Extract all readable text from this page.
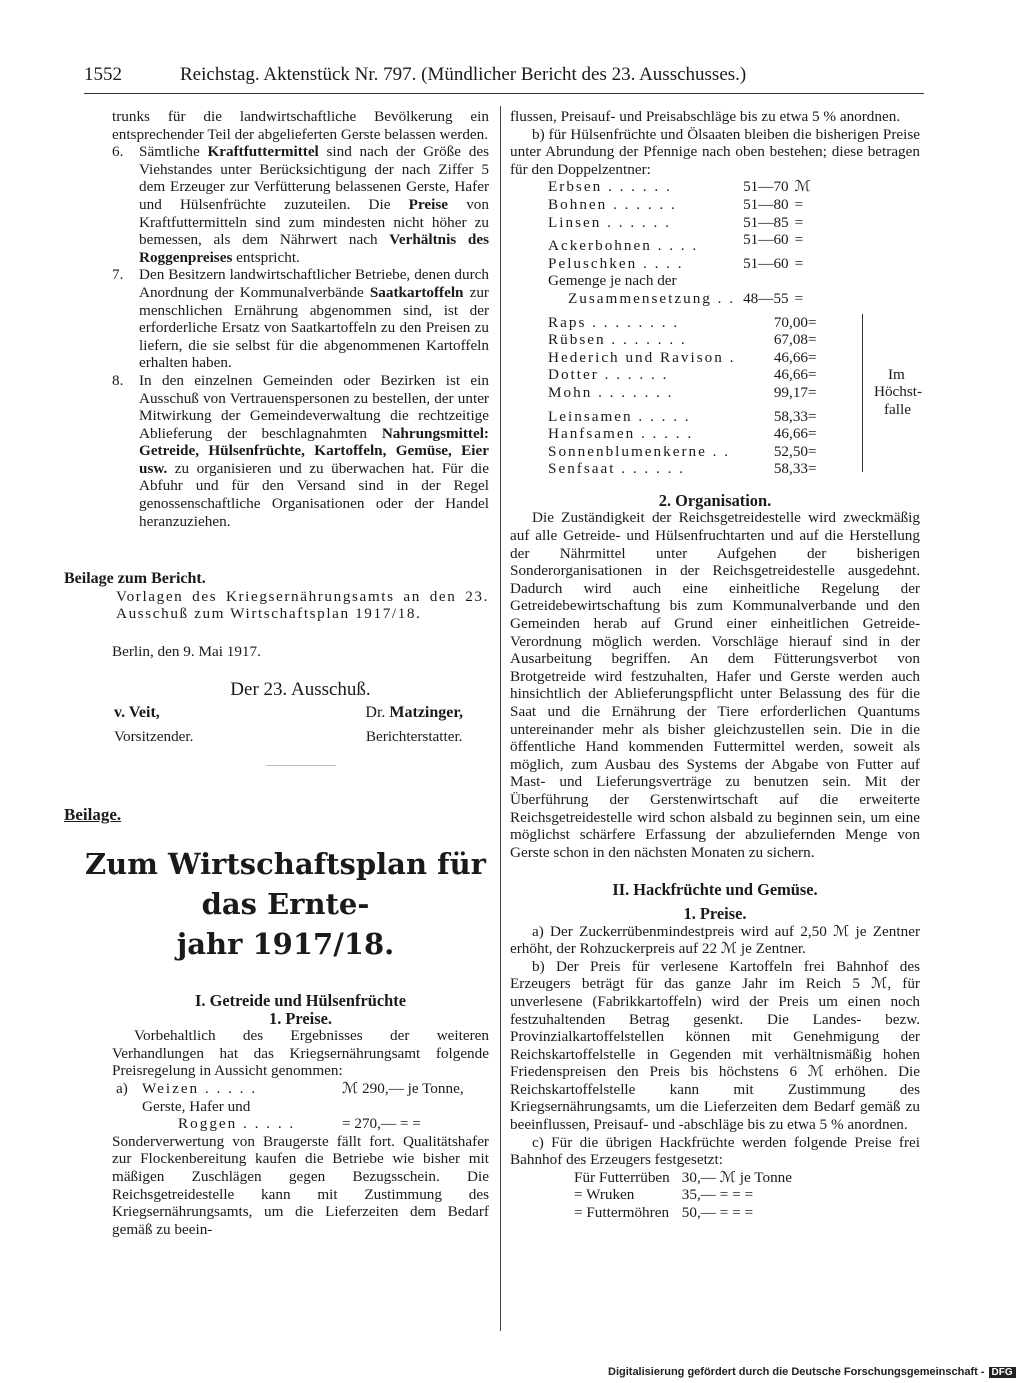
1552	Reichstag. Aktenstück Nr. 797. (Mündlicher Bericht des 23. Ausschusses.)

trunks für die landwirtschaftliche Bevölkerung ein entsprechender Teil der abgelieferten Gerste belassen werden.

6. Sämtliche Kraftfuttermittel sind nach der Größe des Viehstandes unter Berücksichtigung der nach Ziffer 5 dem Erzeuger zur Verfütterung belassenen Gerste, Hafer und Hülsenfrüchte zuzuteilen. Die Preise von Kraftfuttermitteln sind zum mindesten nicht höher zu bemessen, als dem Nährwert nach Verhältnis des Roggenpreises entspricht.

7. Den Besitzern landwirtschaftlicher Betriebe, denen durch Anordnung der Kommunalverbände Saatkartoffeln zur menschlichen Ernährung abgenommen sind, ist der erforderliche Ersatz von Saatkartoffeln zu den Preisen zu liefern, die sie selbst für die abgenommenen Kartoffeln erhalten haben.

8. In den einzelnen Gemeinden oder Bezirken ist ein Ausschuß von Vertrauenspersonen zu bestellen, der unter Mitwirkung der Gemeindeverwaltung die rechtzeitige Ablieferung der beschlagnahmten Nahrungsmittel: Getreide, Hülsenfrüchte, Kartoffeln, Gemüse, Eier usw. zu organisieren und zu überwachen hat. Für die Abfuhr und für den Versand sind in der Regel genossenschaftliche Organisationen oder der Handel heranzuziehen.

Beilage zum Bericht.

Vorlagen des Kriegsernährungsamts an den 23. Ausschuß zum Wirtschaftsplan 1917/18.

Berlin, den 9. Mai 1917.

Der 23. Ausschuß.

v. Veit,

Vorsitzender.

Dr. Matzinger,

Berichterstatter.

Beilage.

Zum Wirtschaftsplan für das Ernte-

jahr 1917/18.

I. Getreide und Hülsenfrüchte

1. Preise.

Vorbehaltlich des Ergebnisses der weiteren Verhandlungen hat das Kriegsernährungsamt folgende Preisregelung in Aussicht genommen:

a)	Weizen . . . . .	ℳ 290,— je Tonne,
	Gerste, Hafer und	
	Roggen . . . . .	= 270,— = =

Sonderverwertung von Braugerste fällt fort. Qualitätshafer zur Flockenbereitung kaufen die Betriebe wie bisher mit mäßigen Zuschlägen gegen Bezugsschein. Die Reichsgetreidestelle kann mit Zustimmung des Kriegsernährungsamts, um die Lieferzeiten dem Bedarf gemäß zu beein-

flussen, Preisauf- und Preisabschläge bis zu etwa 5 % anordnen.

b) für Hülsenfrüchte und Ölsaaten bleiben die bisherigen Preise unter Abrundung der Pfennige nach oben bestehen; diese betragen für den Doppelzentner:

Erbsen . . . . . .	51—70	ℳ
Bohnen . . . . . .	51—80	=
Linsen . . . . . .	51—85	=
Ackerbohnen . . . .	51—60	=
Peluschken . . . .	51—60	=
Gemenge je nach der		
Zusammensetzung . .	48—55	=
Raps . . . . . . . .	70,00	=
Rübsen . . . . . . .	67,08	=
Hederich und Ravison .	46,66	=
Dotter . . . . . .	46,66	=
Mohn . . . . . . .	99,17	=
Leinsamen . . . . .	58,33	=
Hanfsamen . . . . .	46,66	=
Sonnenblumenkerne . .	52,50	=
Senfsaat . . . . . .	58,33	=
Im
Höchst-
falle

2. Organisation.

Die Zuständigkeit der Reichsgetreidestelle wird zweckmäßig auf alle Getreide- und Hülsenfruchtarten und auf die Herstellung der Nährmittel unter Aufgehen der bisherigen Sonderorganisationen in der Reichsgetreidestelle ausgedehnt. Dadurch wird auch eine einheitliche Regelung der Getreidebewirtschaftung bis zum Kommunalverbande und den Gemeinden herab auf Grund einer einheitlichen Getreide-Verordnung möglich werden. Vorschläge hierauf sind in der Ausarbeitung begriffen. An dem Fütterungsverbot von Brotgetreide wird festzuhalten, Hafer und Gerste werden auch hinsichtlich der Ablieferungspflicht unter Belassung des für die Saat und die Ernährung der Tiere erforderlichen Quantums untereinander mehr als bisher gleichzustellen sein. Die in die öffentliche Hand kommenden Futtermittel werden, soweit als möglich, zum Ausbau des Systems der Abgabe von Futter auf Mast- und Lieferungsverträge zu benutzen sein. Mit der Überführung der Gerstenwirtschaft auf die erweiterte Reichsgetreidestelle wird schon alsbald zu beginnen sein, um eine möglichst schärfere Erfassung der abzuliefernden Menge von Gerste schon in den nächsten Monaten zu sichern.

II. Hackfrüchte und Gemüse.

1. Preise.

a) Der Zuckerrübenmindestpreis wird auf 2,50 ℳ je Zentner erhöht, der Rohzuckerpreis auf 22 ℳ je Zentner.

b) Der Preis für verlesene Kartoffeln frei Bahnhof des Erzeugers beträgt für das ganze Jahr im Reich 5 ℳ, für unverlesene (Fabrikkartoffeln) wird der Preis um einen noch festzuhaltenden Betrag gesenkt. Die Landes- bezw. Provinzialkartoffelstellen können mit Genehmigung der Reichskartoffelstelle in Gegenden mit verhältnismäßig hohen Friedenspreisen den Preis bis höchstens 6 ℳ erhöhen. Die Reichskartoffelstelle kann mit Zustimmung des Kriegsernährungsamts, um die Lieferzeiten dem Bedarf gemäß zu beeinflussen, Preisauf- und -abschläge bis zu etwa 5 % anordnen.

c) Für die übrigen Hackfrüchte werden folgende Preise frei Bahnhof des Erzeugers festgesetzt:

Für Futterrüben	30,— ℳ je Tonne
= Wruken	35,— = = =
= Futtermöhren	50,— = = =
Digitalisierung gefördert durch die Deutsche Forschungsgemeinschaft - DFG
